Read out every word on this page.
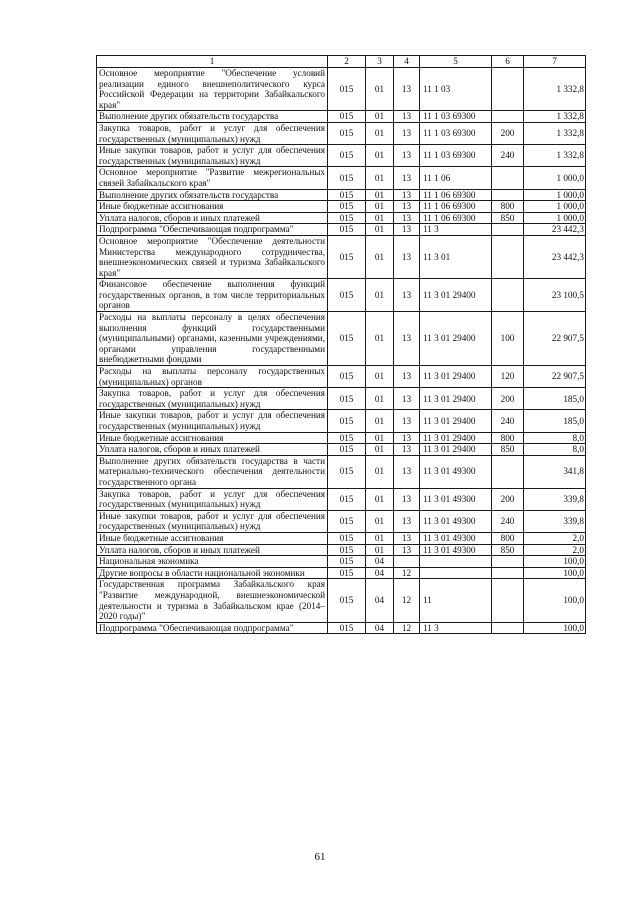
1	2	3	4	5	6	7
Основное мероприятие "Обеспечение условий реализации единого внешнеполитического курса Российской Федерации на территории Забайкальского края"	015	01	13	11 1 03		1 332,8
Выполнение других обязательств государства	015	01	13	11 1 03 69300		1 332,8
Закупка товаров, работ и услуг для обеспечения государственных (муниципальных) нужд	015	01	13	11 1 03 69300	200	1 332,8
Иные закупки товаров, работ и услуг для обеспечения государственных (муниципальных) нужд	015	01	13	11 1 03 69300	240	1 332,8
Основное мероприятие "Развитие межрегиональных связей Забайкальского края"	015	01	13	11 1 06		1 000,0
Выполнение других обязательств государства	015	01	13	11 1 06 69300		1 000,0
Иные бюджетные ассигнования	015	01	13	11 1 06 69300	800	1 000,0
Уплата налогов, сборов и иных платежей	015	01	13	11 1 06 69300	850	1 000,0
Подпрограмма "Обеспечивающая подпрограмма"	015	01	13	11 3		23 442,3
Основное мероприятие "Обеспечение деятельности Министерства международного сотрудничества, внешнеэкономических связей и туризма Забайкальского края"	015	01	13	11 3 01		23 442,3
Финансовое обеспечение выполнения функций государственных органов, в том числе территориальных органов	015	01	13	11 3 01 29400		23 100,5
Расходы на выплаты персоналу в целях обеспечения выполнения функций государственными (муниципальными) органами, казенными учреждениями, органами управления государственными внебюджетными фондами	015	01	13	11 3 01 29400	100	22 907,5
Расходы на выплаты персоналу государственных (муниципальных) органов	015	01	13	11 3 01 29400	120	22 907,5
Закупка товаров, работ и услуг для обеспечения государственных (муниципальных) нужд	015	01	13	11 3 01 29400	200	185,0
Иные закупки товаров, работ и услуг для обеспечения государственных (муниципальных) нужд	015	01	13	11 3 01 29400	240	185,0
Иные бюджетные ассигнования	015	01	13	11 3 01 29400	800	8,0
Уплата налогов, сборов и иных платежей	015	01	13	11 3 01 29400	850	8,0
Выполнение других обязательств государства в части материально-технического обеспечения деятельности государственного органа	015	01	13	11 3 01 49300		341,8
Закупка товаров, работ и услуг для обеспечения государственных (муниципальных) нужд	015	01	13	11 3 01 49300	200	339,8
Иные закупки товаров, работ и услуг для обеспечения государственных (муниципальных) нужд	015	01	13	11 3 01 49300	240	339,8
Иные бюджетные ассигнования	015	01	13	11 3 01 49300	800	2,0
Уплата налогов, сборов и иных платежей	015	01	13	11 3 01 49300	850	2,0
Национальная экономика	015	04				100,0
Другие вопросы в области национальной экономики	015	04	12			100,0
Государственная программа Забайкальского края "Развитие международной, внешнеэкономической деятельности и туризма в Забайкальском крае (2014–2020 годы)"	015	04	12	11		100,0
Подпрограмма "Обеспечивающая подпрограмма"	015	04	12	11 3		100,0
61
